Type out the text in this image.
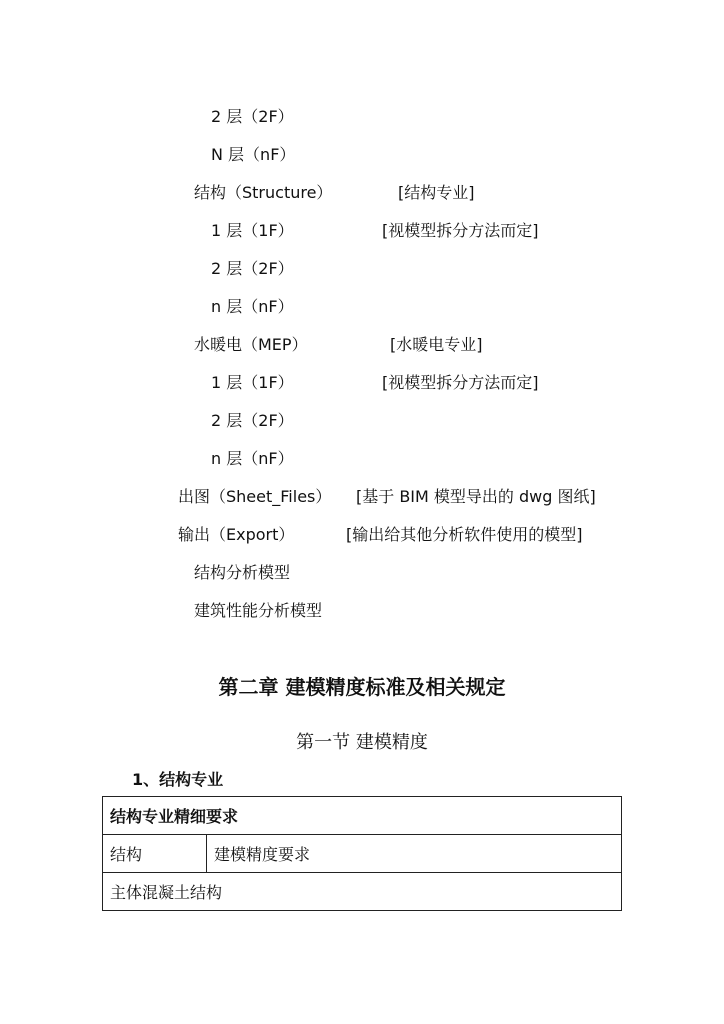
2 层（2F）
N 层（nF）
结构（Structure）	[结构专业]
1 层（1F）	[视模型拆分方法而定]
2 层（2F）
n 层（nF）
水暖电（MEP）	[水暖电专业]
1 层（1F）	[视模型拆分方法而定]
2 层（2F）
n 层（nF）
出图（Sheet_Files） [基于 BIM 模型导出的 dwg 图纸]
输出（Export）	[输出给其他分析软件使用的模型]
结构分析模型
建筑性能分析模型
第二章 建模精度标准及相关规定
第一节 建模精度
1、结构专业
结构专业精细要求
结构	建模精度要求
主体混凝土结构
